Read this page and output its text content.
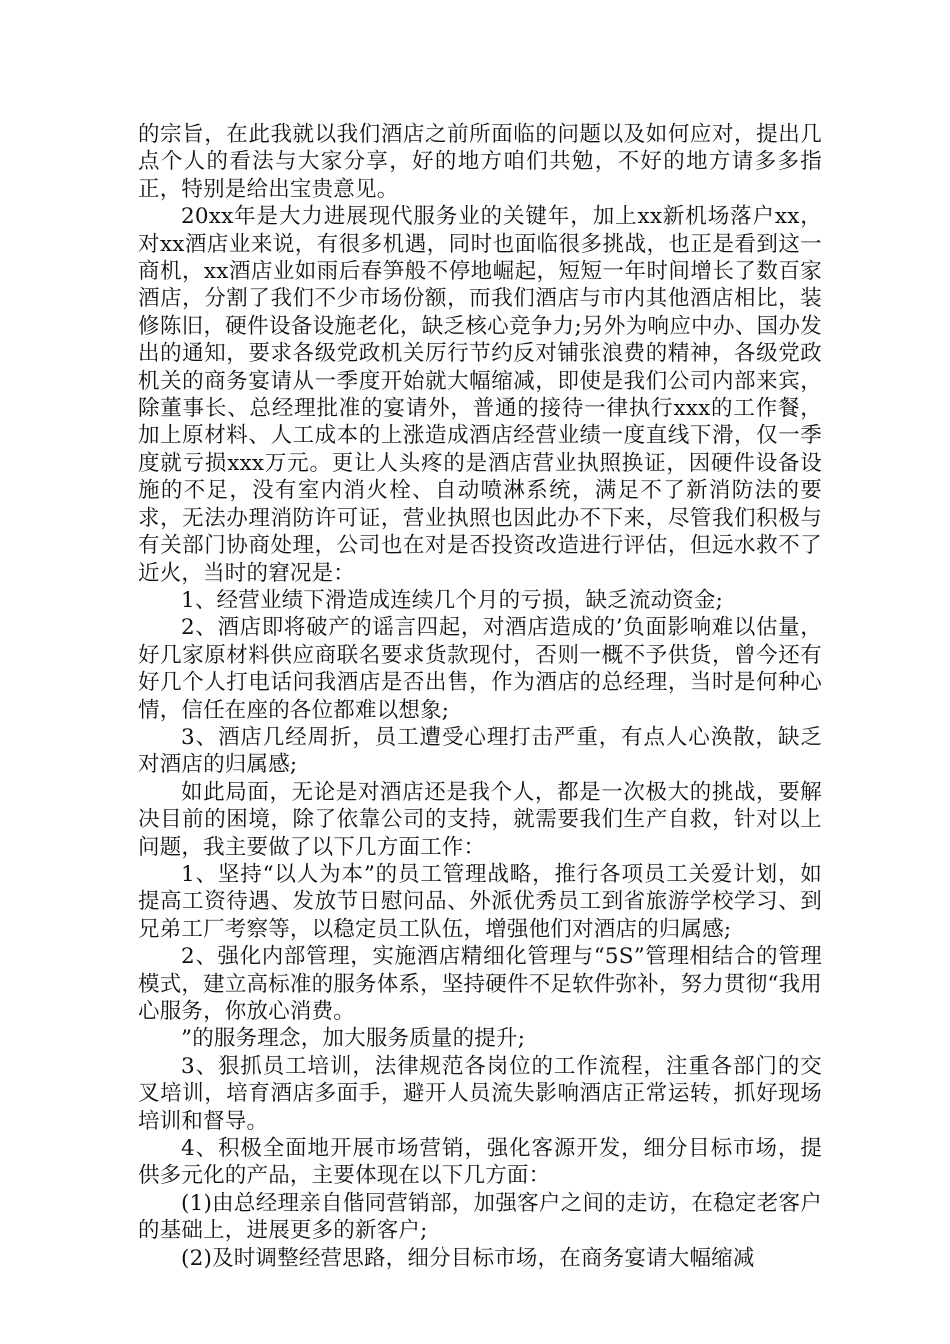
的宗旨，在此我就以我们酒店之前所面临的问题以及如何应对，提出几点个人的看法与大家分享，好的地方咱们共勉，不好的地方请多多指正，特别是给出宝贵意见。

20xx年是大力进展现代服务业的关键年，加上xx新机场落户xx，对xx酒店业来说，有很多机遇，同时也面临很多挑战，也正是看到这一商机，xx酒店业如雨后春笋般不停地崛起，短短一年时间增长了数百家酒店，分割了我们不少市场份额，而我们酒店与市内其他酒店相比，装修陈旧，硬件设备设施老化，缺乏核心竞争力;另外为响应中办、国办发出的通知，要求各级党政机关厉行节约反对铺张浪费的精神，各级党政机关的商务宴请从一季度开始就大幅缩减，即使是我们公司内部来宾，除董事长、总经理批准的宴请外，普通的接待一律执行xxx的工作餐，加上原材料、人工成本的上涨造成酒店经营业绩一度直线下滑，仅一季度就亏损xxx万元。更让人头疼的是酒店营业执照换证，因硬件设备设施的不足，没有室内消火栓、自动喷淋系统，满足不了新消防法的要求，无法办理消防许可证，营业执照也因此办不下来，尽管我们积极与有关部门协商处理，公司也在对是否投资改造进行评估，但远水救不了近火，当时的窘况是：

1、经营业绩下滑造成连续几个月的亏损，缺乏流动资金;

2、酒店即将破产的谣言四起，对酒店造成的’负面影响难以估量，好几家原材料供应商联名要求货款现付，否则一概不予供货，曾今还有好几个人打电话问我酒店是否出售，作为酒店的总经理，当时是何种心情，信任在座的各位都难以想象;

3、酒店几经周折，员工遭受心理打击严重，有点人心涣散，缺乏对酒店的归属感;

如此局面，无论是对酒店还是我个人，都是一次极大的挑战，要解决目前的困境，除了依靠公司的支持，就需要我们生产自救，针对以上问题，我主要做了以下几方面工作：

1、坚持“以人为本”的员工管理战略，推行各项员工关爱计划，如提高工资待遇、发放节日慰问品、外派优秀员工到省旅游学校学习、到兄弟工厂考察等，以稳定员工队伍，增强他们对酒店的归属感;

2、强化内部管理，实施酒店精细化管理与“5S”管理相结合的管理模式，建立高标准的服务体系，坚持硬件不足软件弥补，努力贯彻“我用心服务，你放心消费。

”的服务理念，加大服务质量的提升;

3、狠抓员工培训，法律规范各岗位的工作流程，注重各部门的交叉培训，培育酒店多面手，避开人员流失影响酒店正常运转，抓好现场培训和督导。

4、积极全面地开展市场营销，强化客源开发，细分目标市场，提供多元化的产品，主要体现在以下几方面：

(1)由总经理亲自偕同营销部，加强客户之间的走访，在稳定老客户的基础上，进展更多的新客户;

(2)及时调整经营思路，细分目标市场，在商务宴请大幅缩减
